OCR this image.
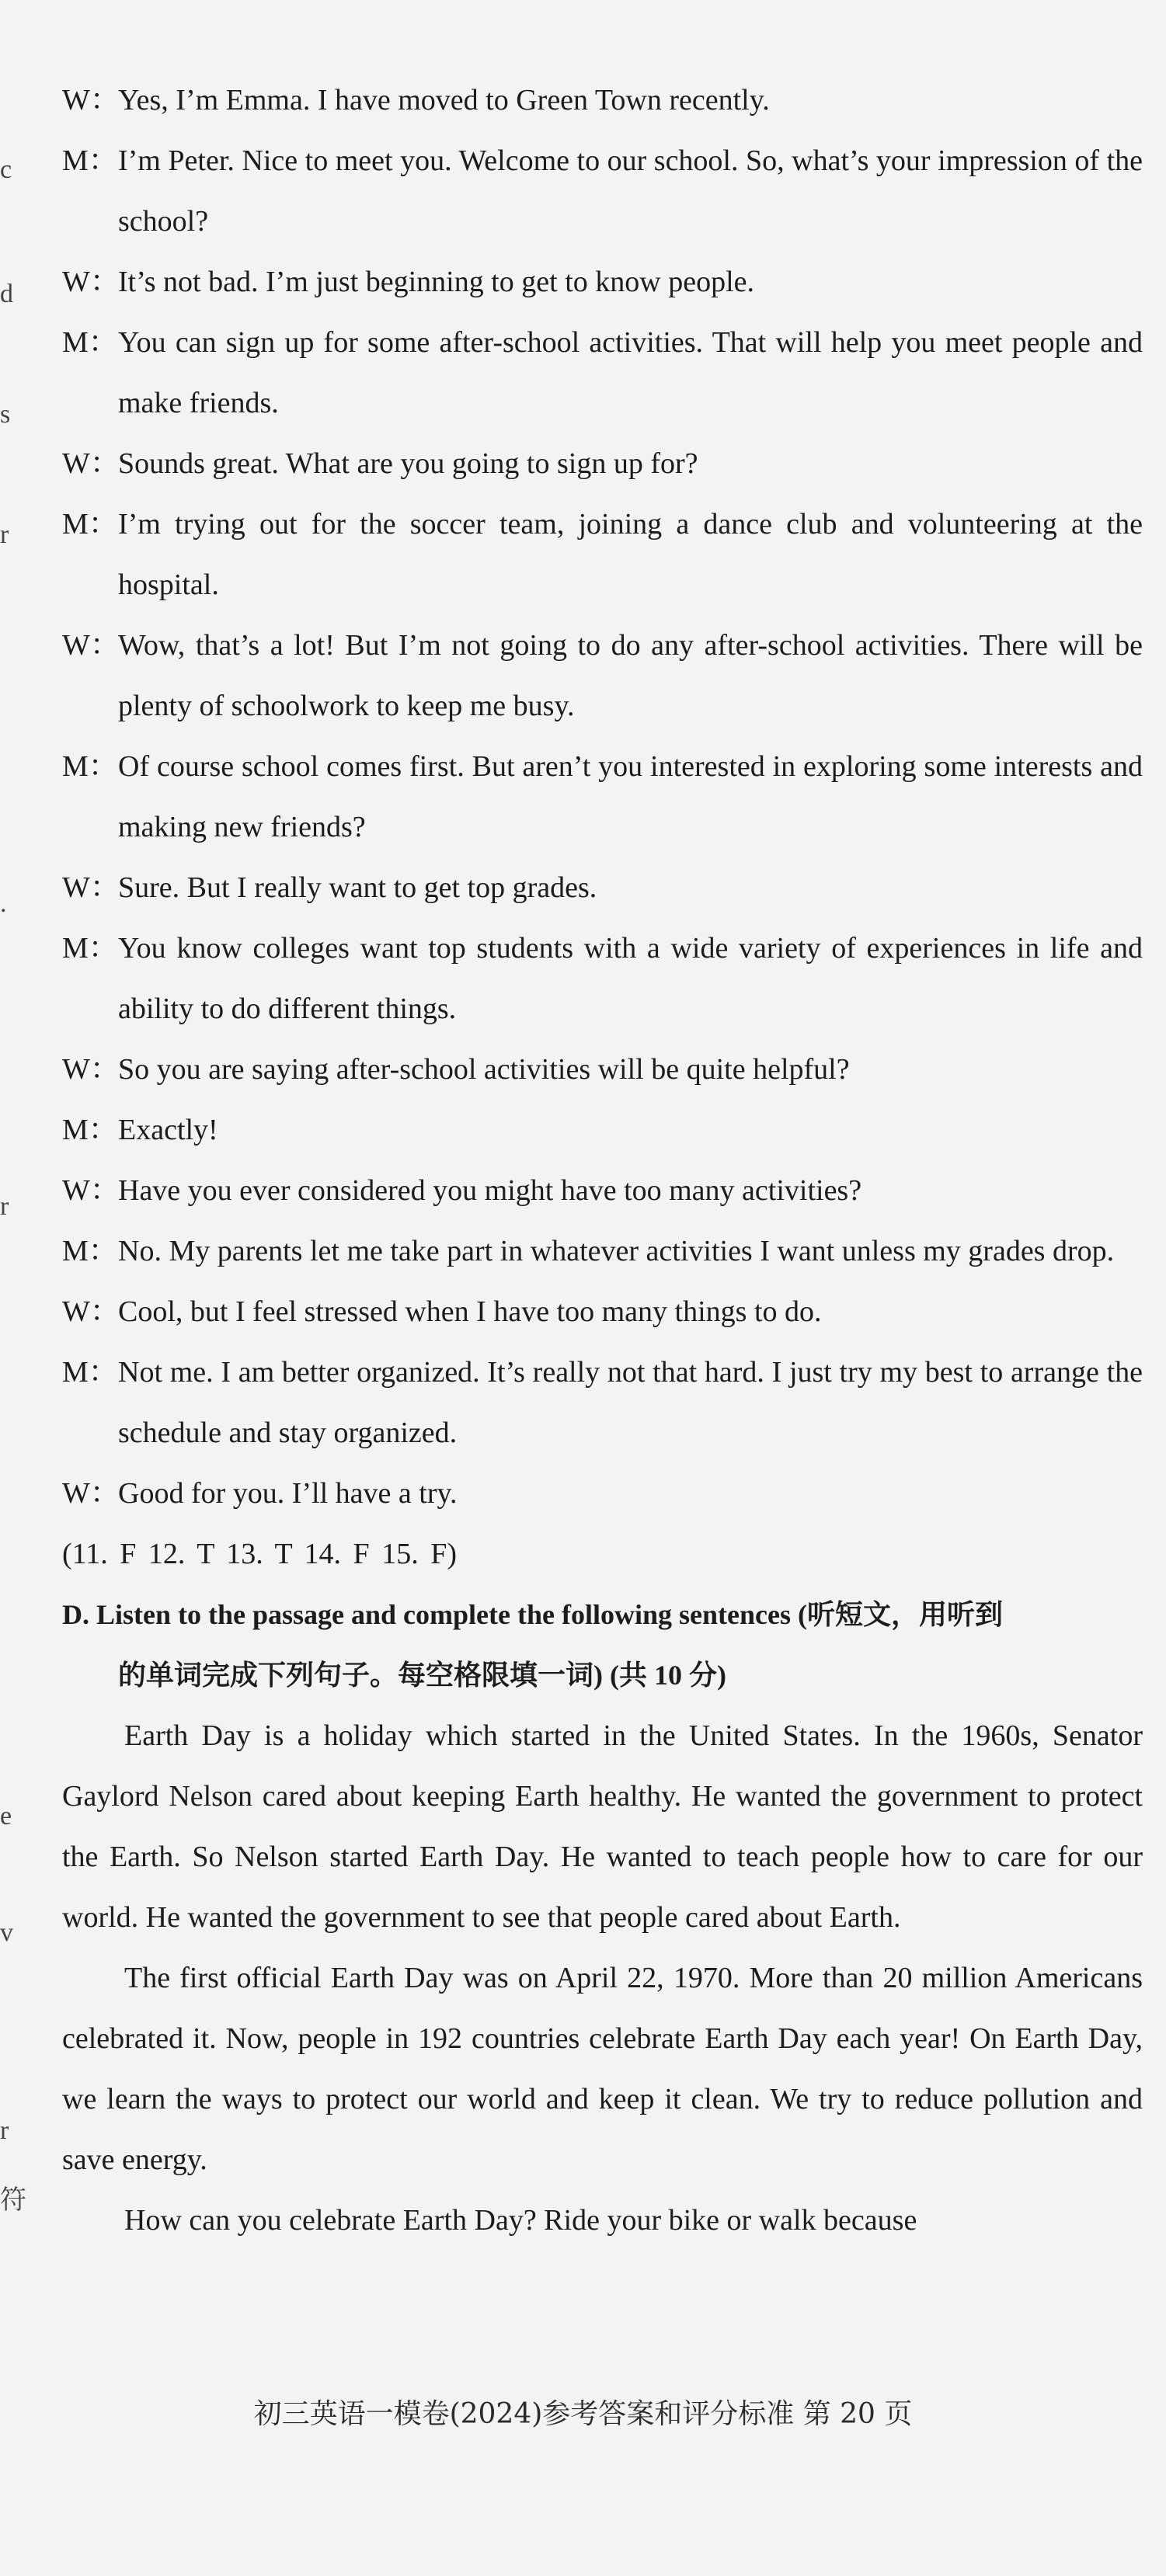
c
d
s
r
.
r
e
v
r
符
W：
Yes, I’m Emma. I have moved to Green Town recently.
M： I’m Peter. Nice to meet you. Welcome to our school. So, what’s your impression of the school?
W：
It’s not bad. I’m just beginning to get to know people.
M： You can sign up for some after-school activities. That will help you meet people and make friends.
W：
Sounds great. What are you going to sign up for?
M： I’m trying out for the soccer team, joining a dance club and volunteering at the hospital.
W：
Wow, that’s a lot! But I’m not going to do any after-school activities. There will be plenty of schoolwork to keep me busy.
M： Of course school comes first. But aren’t you interested in exploring some interests and making new friends?
W：
Sure. But I really want to get top grades.
M： You know colleges want top students with a wide variety of experiences in life and ability to do different things.
W：
So you are saying after-school activities will be quite helpful?
M： Exactly!
W：
Have you ever considered you might have too many activities?
M： No. My parents let me take part in whatever activities I want unless my grades drop.
W：
Cool, but I feel stressed when I have too many things to do.
M： Not me. I am better organized. It’s really not that hard. I just try my best to arrange the schedule and stay organized.
W：
Good for you. I’ll have a try.

(11. F 12. T 13. T 14. F 15. F)

D. Listen to the passage and complete the following sentences (听短文，用听到
的单词完成下列句子。每空格限填一词) (共 10 分)

Earth Day is a holiday which started in the United States. In the 1960s, Senator Gaylord Nelson cared about keeping Earth healthy. He wanted the government to protect the Earth. So Nelson started Earth Day. He wanted to teach people how to care for our world. He wanted the government to see that people cared about Earth.

The first official Earth Day was on April 22, 1970. More than 20 million Americans celebrated it. Now, people in 192 countries celebrate Earth Day each year! On Earth Day, we learn the ways to protect our world and keep it clean. We try to reduce pollution and save energy.

How can you celebrate Earth Day? Ride your bike or walk because

初三英语一模卷(2024)参考答案和评分标准 第 20 页
